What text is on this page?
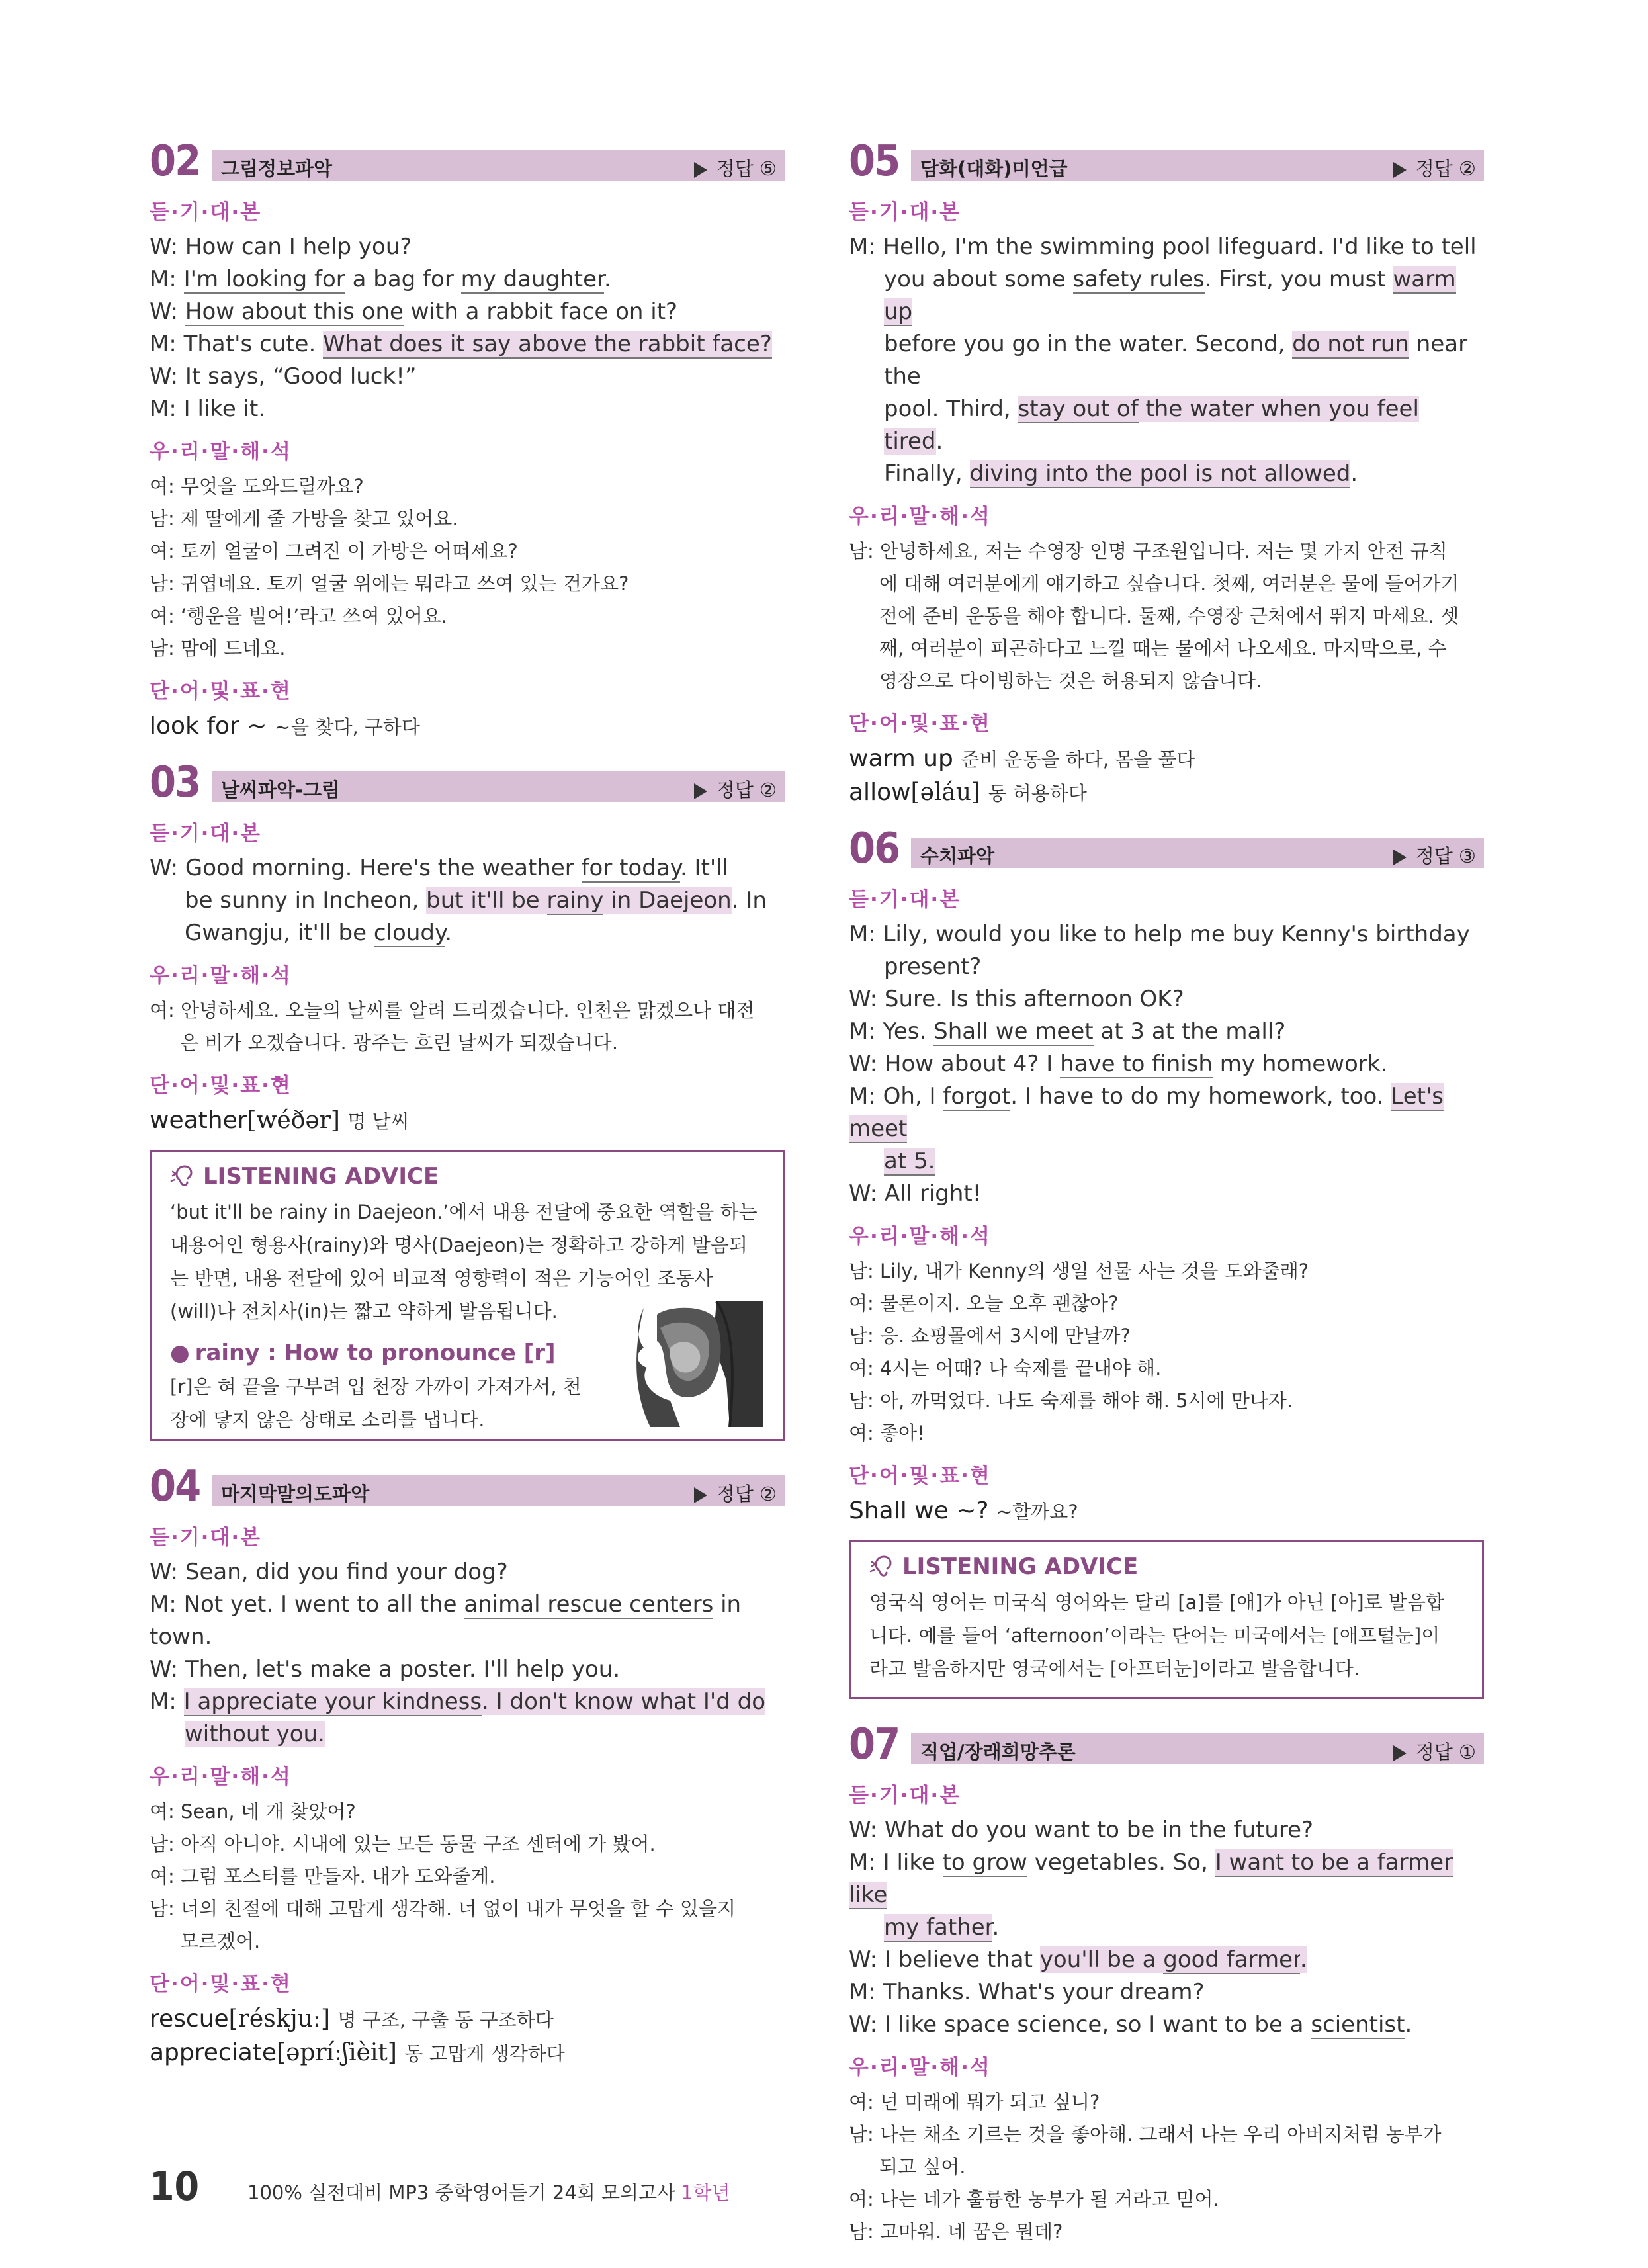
02 그림정보파악	정답 ⑤
듣·기·대·본
W: How can I help you?
M: I'm looking for a bag for my daughter.
W: How about this one with a rabbit face on it?
M: That's cute. What does it say above the rabbit face?
W: It says, “Good luck!”
M: I like it.
우·리·말·해·석
여: 무엇을 도와드릴까요?
남: 제 딸에게 줄 가방을 찾고 있어요.
여: 토끼 얼굴이 그려진 이 가방은 어떠세요?
남: 귀엽네요. 토끼 얼굴 위에는 뭐라고 쓰여 있는 건가요?
여: ‘행운을 빌어!’라고 쓰여 있어요.
남: 맘에 드네요.
단·어·및·표·현
look for ~ ~을 찾다, 구하다
03 날씨파악-그림	정답 ②
듣·기·대·본
W: Good morning. Here's the weather for today. It'll
be sunny in Incheon, but it'll be rainy in Daejeon. In
Gwangju, it'll be cloudy.
우·리·말·해·석
여: 안녕하세요. 오늘의 날씨를 알려 드리겠습니다. 인천은 맑겠으나 대전
은 비가 오겠습니다. 광주는 흐린 날씨가 되겠습니다.
단·어·및·표·현
weather[wéðər] 명 날씨
LISTENING ADVICE
‘but it'll be rainy in Daejeon.’에서 내용 전달에 중요한 역할을 하는
내용어인 형용사(rainy)와 명사(Daejeon)는 정확하고 강하게 발음되
는 반면, 내용 전달에 있어 비교적 영향력이 적은 기능어인 조동사
(will)나 전치사(in)는 짧고 약하게 발음됩니다.
● rainy : How to pronounce [r]
[r]은 혀 끝을 구부려 입 천장 가까이 가져가서, 천
장에 닿지 않은 상태로 소리를 냅니다.
04 마지막말의도파악	정답 ②
듣·기·대·본
W: Sean, did you find your dog?
M: Not yet. I went to all the animal rescue centers in town.
W: Then, let's make a poster. I'll help you.
M: I appreciate your kindness. I don't know what I'd do
without you.
우·리·말·해·석
여: Sean, 네 개 찾았어?
남: 아직 아니야. 시내에 있는 모든 동물 구조 센터에 가 봤어.
여: 그럼 포스터를 만들자. 내가 도와줄게.
남: 너의 친절에 대해 고맙게 생각해. 너 없이 내가 무엇을 할 수 있을지
모르겠어.
단·어·및·표·현
rescue[réskjuː] 명 구조, 구출 동 구조하다
appreciate[əpríːʃièit] 동 고맙게 생각하다
05 담화(대화)미언급	정답 ②
듣·기·대·본
M: Hello, I'm the swimming pool lifeguard. I'd like to tell
you about some safety rules. First, you must warm up
before you go in the water. Second, do not run near the
pool. Third, stay out of the water when you feel tired.
Finally, diving into the pool is not allowed.
우·리·말·해·석
남: 안녕하세요, 저는 수영장 인명 구조원입니다. 저는 몇 가지 안전 규칙
에 대해 여러분에게 얘기하고 싶습니다. 첫째, 여러분은 물에 들어가기
전에 준비 운동을 해야 합니다. 둘째, 수영장 근처에서 뛰지 마세요. 셋
째, 여러분이 피곤하다고 느낄 때는 물에서 나오세요. 마지막으로, 수
영장으로 다이빙하는 것은 허용되지 않습니다.
단·어·및·표·현
warm up 준비 운동을 하다, 몸을 풀다
allow[əláu] 동 허용하다
06 수치파악	정답 ③
듣·기·대·본
M: Lily, would you like to help me buy Kenny's birthday
present?
W: Sure. Is this afternoon OK?
M: Yes. Shall we meet at 3 at the mall?
W: How about 4? I have to finish my homework.
M: Oh, I forgot. I have to do my homework, too. Let's meet
at 5.
W: All right!
우·리·말·해·석
남: Lily, 내가 Kenny의 생일 선물 사는 것을 도와줄래?
여: 물론이지. 오늘 오후 괜찮아?
남: 응. 쇼핑몰에서 3시에 만날까?
여: 4시는 어때? 나 숙제를 끝내야 해.
남: 아, 까먹었다. 나도 숙제를 해야 해. 5시에 만나자.
여: 좋아!
단·어·및·표·현
Shall we ~? ~할까요?
LISTENING ADVICE
영국식 영어는 미국식 영어와는 달리 [a]를 [애]가 아닌 [아]로 발음합
니다. 예를 들어 ‘afternoon’이라는 단어는 미국에서는 [애프털눈]이
라고 발음하지만 영국에서는 [아프터눈]이라고 발음합니다.
07 직업/장래희망추론	정답 ①
듣·기·대·본
W: What do you want to be in the future?
M: I like to grow vegetables. So, I want to be a farmer like
my father.
W: I believe that you'll be a good farmer.
M: Thanks. What's your dream?
W: I like space science, so I want to be a scientist.
우·리·말·해·석
여: 넌 미래에 뭐가 되고 싶니?
남: 나는 채소 기르는 것을 좋아해. 그래서 나는 우리 아버지처럼 농부가
되고 싶어.
여: 나는 네가 훌륭한 농부가 될 거라고 믿어.
남: 고마워. 네 꿈은 뭔데?
10	100% 실전대비 MP3 중학영어듣기 24회 모의고사 1학년
